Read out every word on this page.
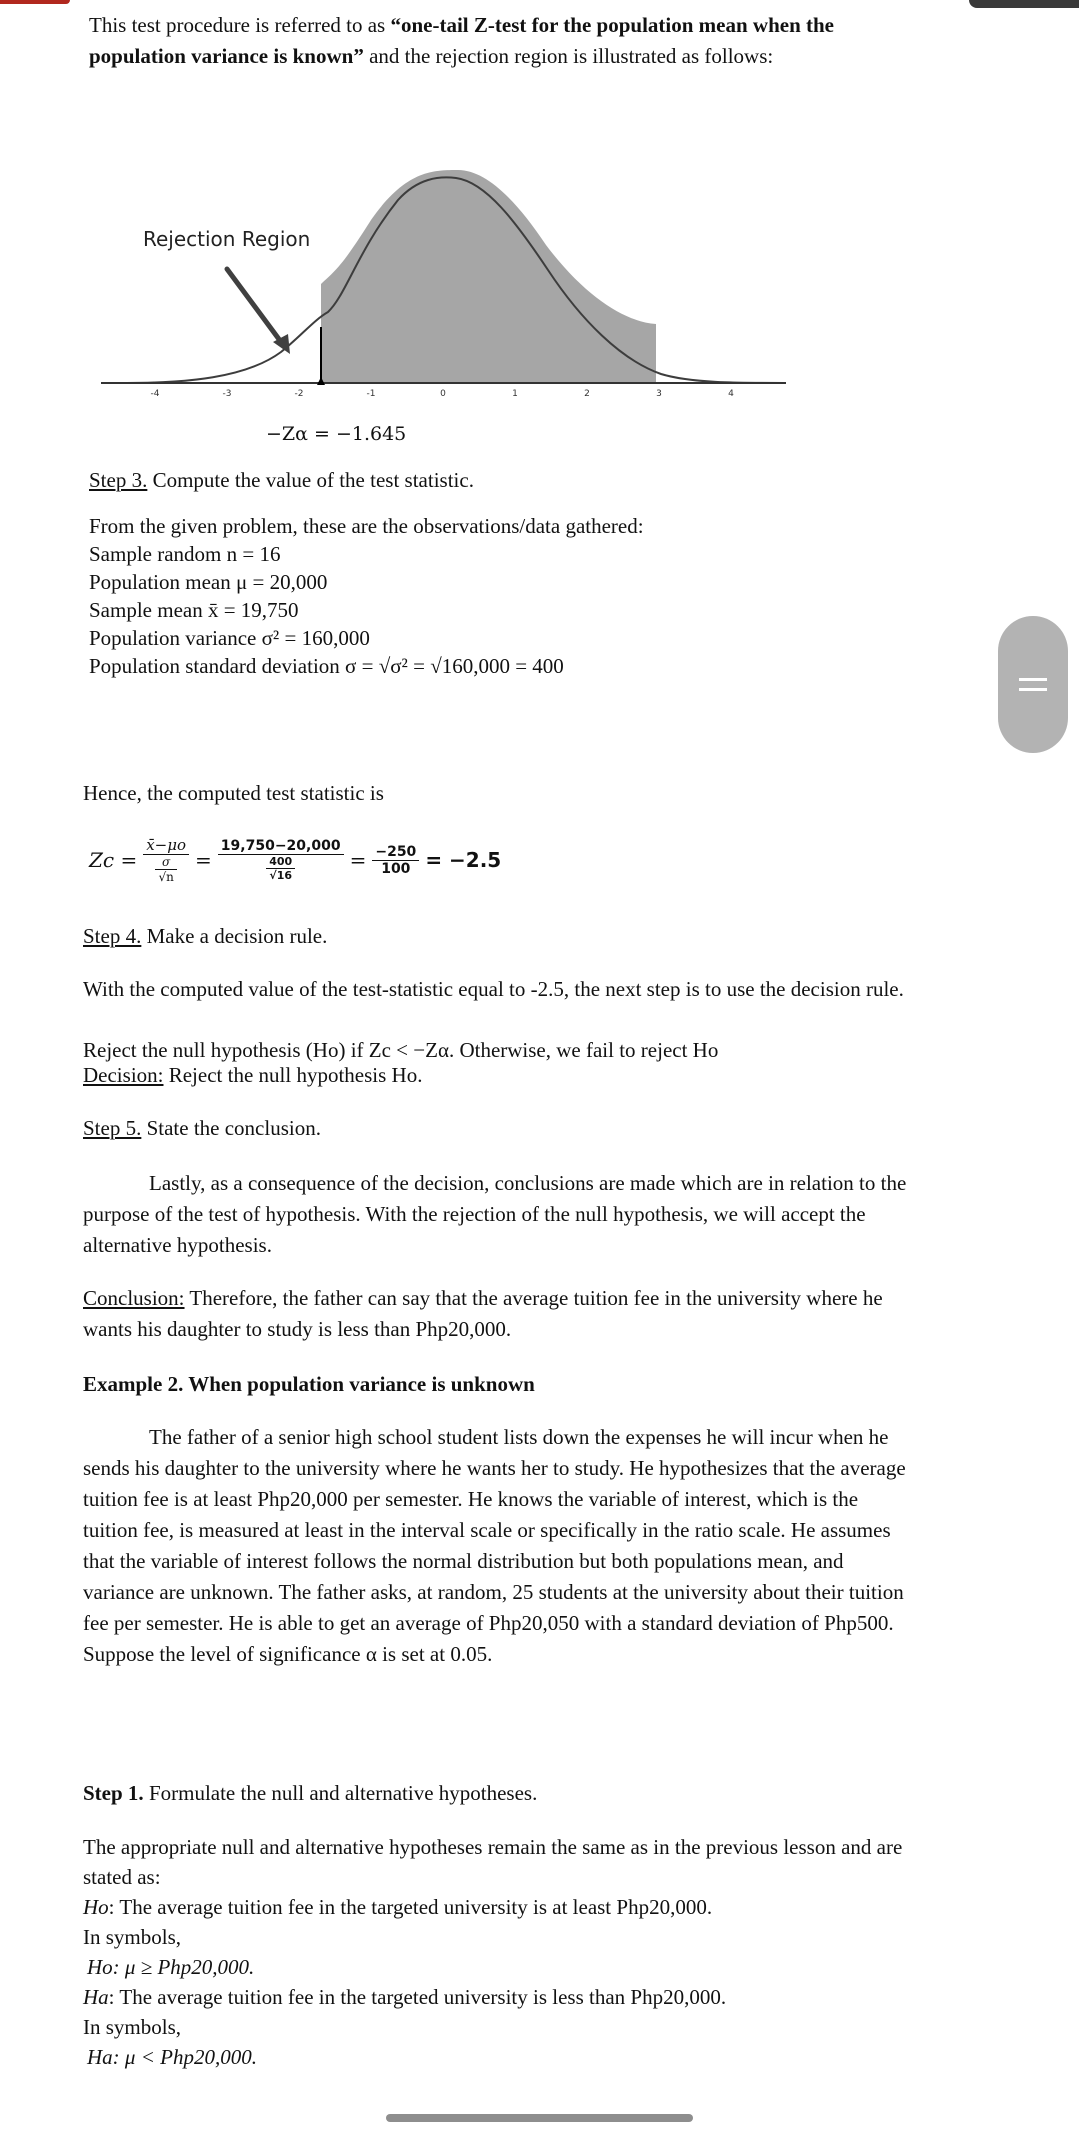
This test procedure is referred to as “one-tail Z-test for the population mean when the population variance is known” and the rejection region is illustrated as follows:
-4	-3	-2	-1	0	1	2	3	4
Rejection Region
−Zα = −1.645
Step 3. Compute the value of the test statistic.
From the given problem, these are the observations/data gathered:
Sample random n = 16
Population mean μ = 20,000
Sample mean x̄ = 19,750
Population variance σ² = 160,000
Population standard deviation σ = √σ² = √160,000 = 400
Hence, the computed test statistic is
$Zc = \frac{x̄-\mu o}{\frac{\sigma}{√n}} = \frac{19,750-20,000}{\frac{400}{√16}} = \frac{-250}{100} = -2.5$
Step 4. Make a decision rule.
With the computed value of the test-statistic equal to -2.5, the next step is to use the decision rule.
Reject the null hypothesis (Ho) if Zc < −Zα. Otherwise, we fail to reject Ho
Decision: Reject the null hypothesis Ho.
Step 5. State the conclusion.
Lastly, as a consequence of the decision, conclusions are made which are in relation to the purpose of the test of hypothesis. With the rejection of the null hypothesis, we will accept the alternative hypothesis.
Conclusion: Therefore, the father can say that the average tuition fee in the university where he wants his daughter to study is less than Php20,000.
Example 2. When population variance is unknown
The father of a senior high school student lists down the expenses he will incur when he sends his daughter to the university where he wants her to study. He hypothesizes that the average tuition fee is at least Php20,000 per semester. He knows the variable of interest, which is the tuition fee, is measured at least in the interval scale or specifically in the ratio scale. He assumes that the variable of interest follows the normal distribution but both populations mean, and variance are unknown. The father asks, at random, 25 students at the university about their tuition fee per semester. He is able to get an average of Php20,050 with a standard deviation of Php500. Suppose the level of significance α is set at 0.05.
Step 1. Formulate the null and alternative hypotheses.
The appropriate null and alternative hypotheses remain the same as in the previous lesson and are stated as:
Ho: The average tuition fee in the targeted university is at least Php20,000.
In symbols,
Ho: μ ≥ Php20,000.
Ha: The average tuition fee in the targeted university is less than Php20,000.
In symbols,
Ha: μ < Php20,000.
